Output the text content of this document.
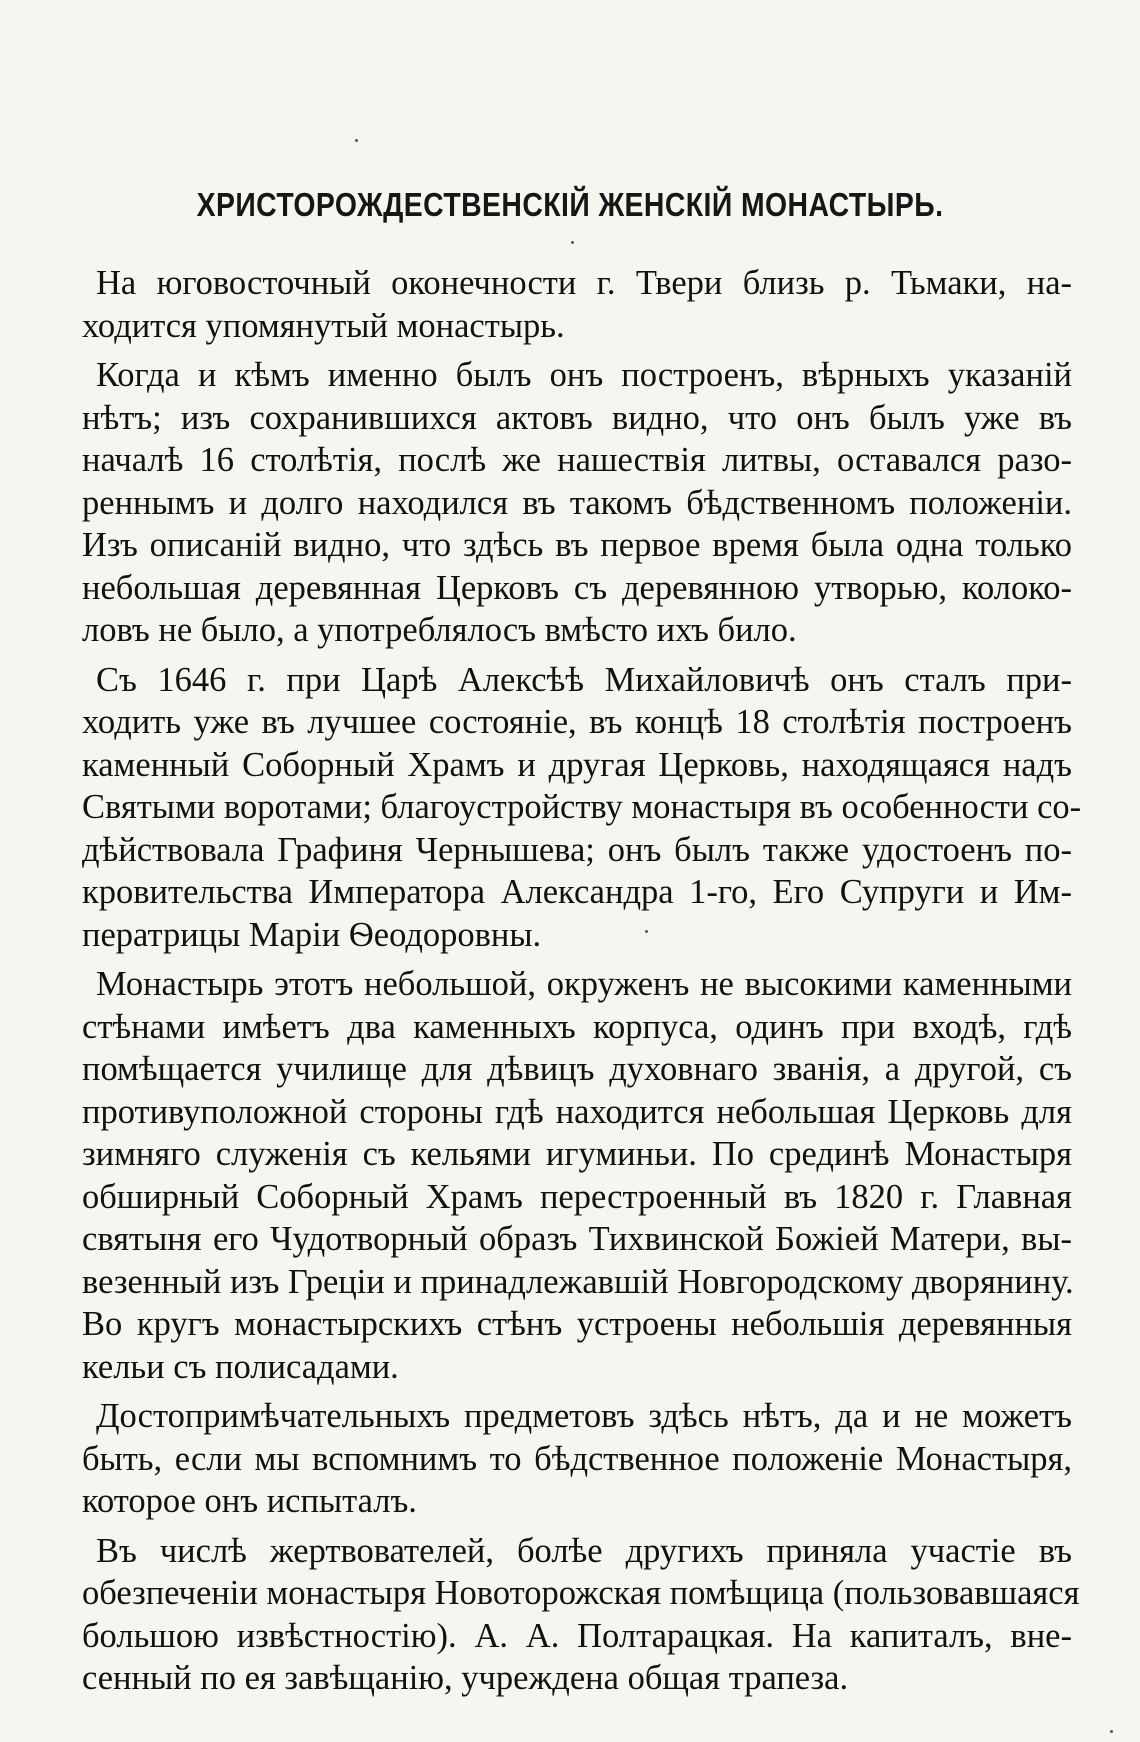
ХРИСТОРОЖДЕСТВЕНСКІЙ ЖЕНСКІЙ МОНАСТЫРЬ.
На юговосточный оконечности г. Твери близь р. Тьмаки, на-
ходится упомянутый монастырь.
Когда и кѣмъ именно былъ онъ построенъ, вѣрныхъ указаній
нѣтъ; изъ сохранившихся актовъ видно, что онъ былъ уже въ
началѣ 16 столѣтія, послѣ же нашествія литвы, оставался разо-
реннымъ и долго находился въ такомъ бѣдственномъ положеніи.
Изъ описаній видно, что здѣсь въ первое время была одна только
небольшая деревянная Церковъ съ деревянною утворью, колоко-
ловъ не было, а употреблялосъ вмѣсто ихъ било.
Съ 1646 г. при Царѣ Алексѣѣ Михайловичѣ онъ сталъ при-
ходить уже въ лучшее состояніе, въ концѣ 18 столѣтія построенъ
каменный Соборный Храмъ и другая Церковь, находящаяся надъ
Святыми воротами; благоустройству монастыря въ особенности со-
дѣйствовала Графиня Чернышева; онъ былъ также удостоенъ по-
кровительства Императора Александра 1-го, Его Супруги и Им-
ператрицы Маріи Ѳеодоровны.
Монастырь этотъ небольшой, окруженъ не высокими каменными
стѣнами имѣетъ два каменныхъ корпуса, одинъ при входѣ, гдѣ
помѣщается училище для дѣвицъ духовнаго званія, а другой, съ
противуположной стороны гдѣ находится небольшая Церковь для
зимняго служенія съ кельями игуминьи. По срединѣ Монастыря
обширный Соборный Храмъ перестроенный въ 1820 г. Главная
святыня его Чудотворный образъ Тихвинской Божіей Матери, вы-
везенный изъ Греціи и принадлежавшій Новгородскому дворянину.
Во кругъ монастырскихъ стѣнъ устроены небольшія деревянныя
кельи съ полисадами.
Достопримѣчательныхъ предметовъ здѣсь нѣтъ, да и не можетъ
быть, если мы вспомнимъ то бѣдственное положеніе Монастыря,
которое онъ испыталъ.
Въ числѣ жертвователей, болѣе другихъ приняла участіе въ
обезпеченіи монастыря Новоторожская помѣщица (пользовавшаяся
большою извѣстностію). А. А. Полтарацкая. На капиталъ, вне-
сенный по ея завѣщанію, учреждена общая трапеза.
